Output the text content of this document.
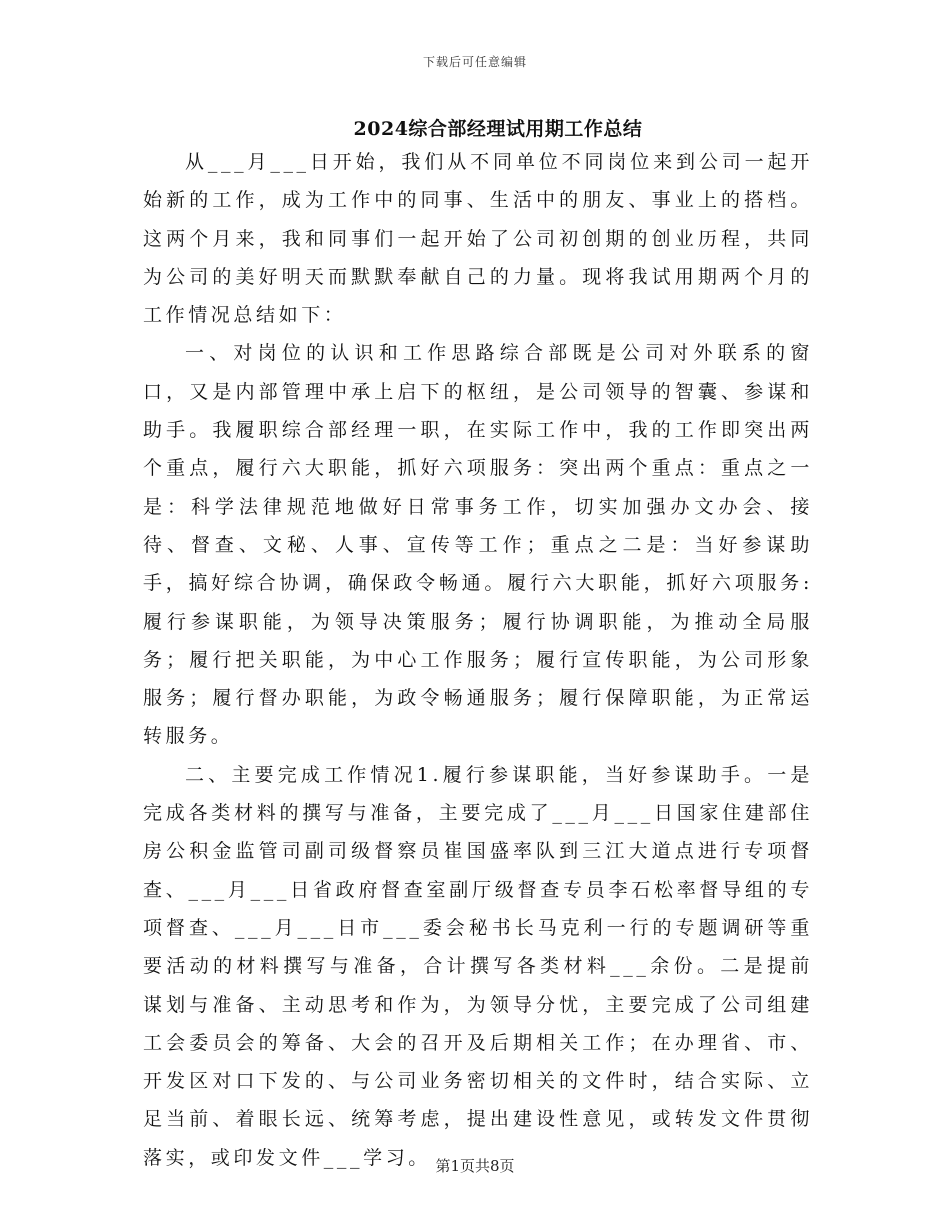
下载后可任意编辑
2024综合部经理试用期工作总结

从___月___日开始，我们从不同单位不同岗位来到公司一起开始新的工作，成为工作中的同事、生活中的朋友、事业上的搭档。这两个月来，我和同事们一起开始了公司初创期的创业历程，共同为公司的美好明天而默默奉献自己的力量。现将我试用期两个月的工作情况总结如下：

一、对岗位的认识和工作思路综合部既是公司对外联系的窗口，又是内部管理中承上启下的枢纽，是公司领导的智囊、参谋和助手。我履职综合部经理一职，在实际工作中，我的工作即突出两个重点，履行六大职能，抓好六项服务：突出两个重点：重点之一是：科学法律规范地做好日常事务工作，切实加强办文办会、接待、督查、文秘、人事、宣传等工作；重点之二是：当好参谋助手，搞好综合协调，确保政令畅通。履行六大职能，抓好六项服务:履行参谋职能，为领导决策服务；履行协调职能，为推动全局服务；履行把关职能，为中心工作服务；履行宣传职能，为公司形象服务；履行督办职能，为政令畅通服务；履行保障职能，为正常运转服务。

二、主要完成工作情况1.履行参谋职能，当好参谋助手。一是完成各类材料的撰写与准备，主要完成了___月___日国家住建部住房公积金监管司副司级督察员崔国盛率队到三江大道点进行专项督查、___月___日省政府督查室副厅级督查专员李石松率督导组的专项督查、___月___日市___委会秘书长马克利一行的专题调研等重要活动的材料撰写与准备，合计撰写各类材料___余份。二是提前谋划与准备、主动思考和作为，为领导分忧，主要完成了公司组建工会委员会的筹备、大会的召开及后期相关工作；在办理省、市、开发区对口下发的、与公司业务密切相关的文件时，结合实际、立足当前、着眼长远、统筹考虑，提出建设性意见，或转发文件贯彻落实，或印发文件___学习。 第1页共8页
